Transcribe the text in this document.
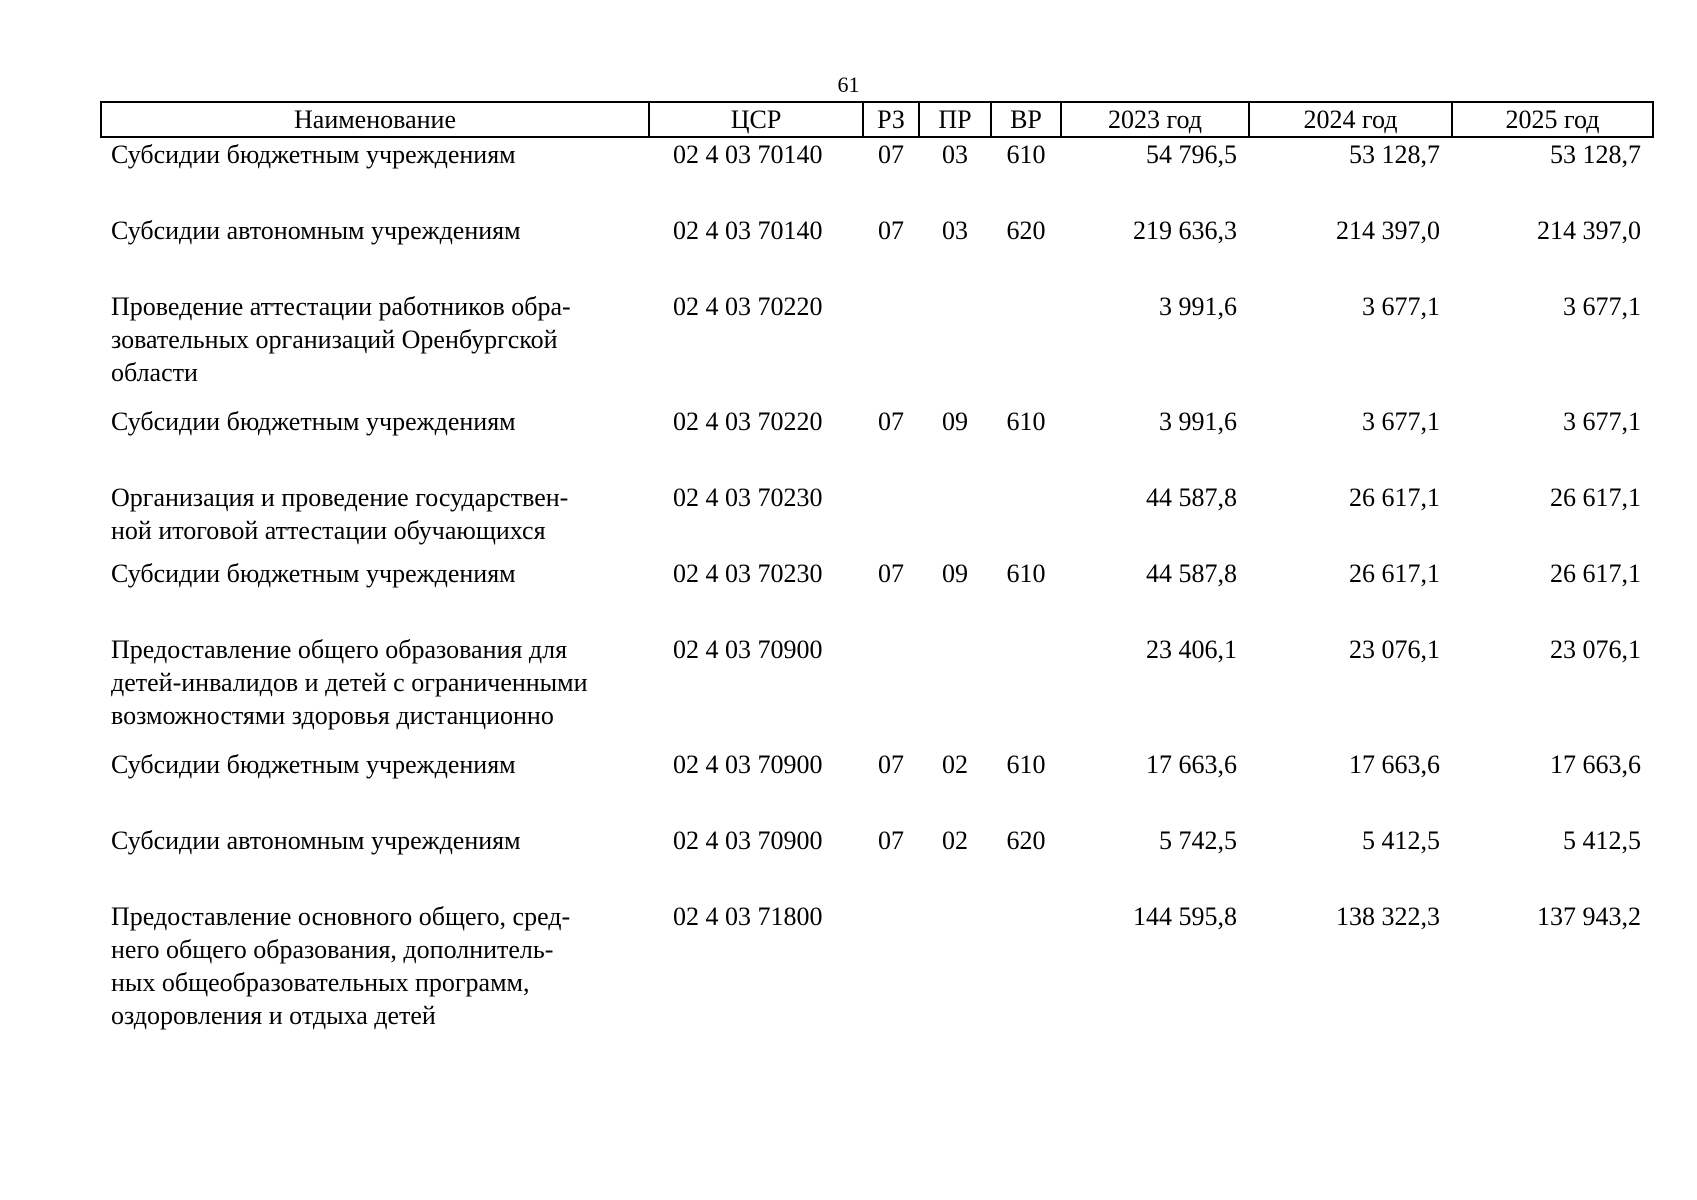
61
Наименование	ЦСР	РЗ	ПР	ВР	2023 год	2024 год	2025 год
Субсидии бюджетным учреждениям	02 4 03 70140	07	03	610	54 796,5	53 128,7	53 128,7
Субсидии автономным учреждениям	02 4 03 70140	07	03	620	219 636,3	214 397,0	214 397,0
Проведение аттестации работников обра-
зовательных организаций Оренбургской
области	02 4 03 70220				3 991,6	3 677,1	3 677,1
Субсидии бюджетным учреждениям	02 4 03 70220	07	09	610	3 991,6	3 677,1	3 677,1
Организация и проведение государствен-
ной итоговой аттестации обучающихся	02 4 03 70230				44 587,8	26 617,1	26 617,1
Субсидии бюджетным учреждениям	02 4 03 70230	07	09	610	44 587,8	26 617,1	26 617,1
Предоставление общего образования для
детей-инвалидов и детей с ограниченными
возможностями здоровья дистанционно	02 4 03 70900				23 406,1	23 076,1	23 076,1
Субсидии бюджетным учреждениям	02 4 03 70900	07	02	610	17 663,6	17 663,6	17 663,6
Субсидии автономным учреждениям	02 4 03 70900	07	02	620	5 742,5	5 412,5	5 412,5
Предоставление основного общего, сред-
него общего образования, дополнитель-
ных общеобразовательных программ,
оздоровления и отдыха детей	02 4 03 71800				144 595,8	138 322,3	137 943,2
